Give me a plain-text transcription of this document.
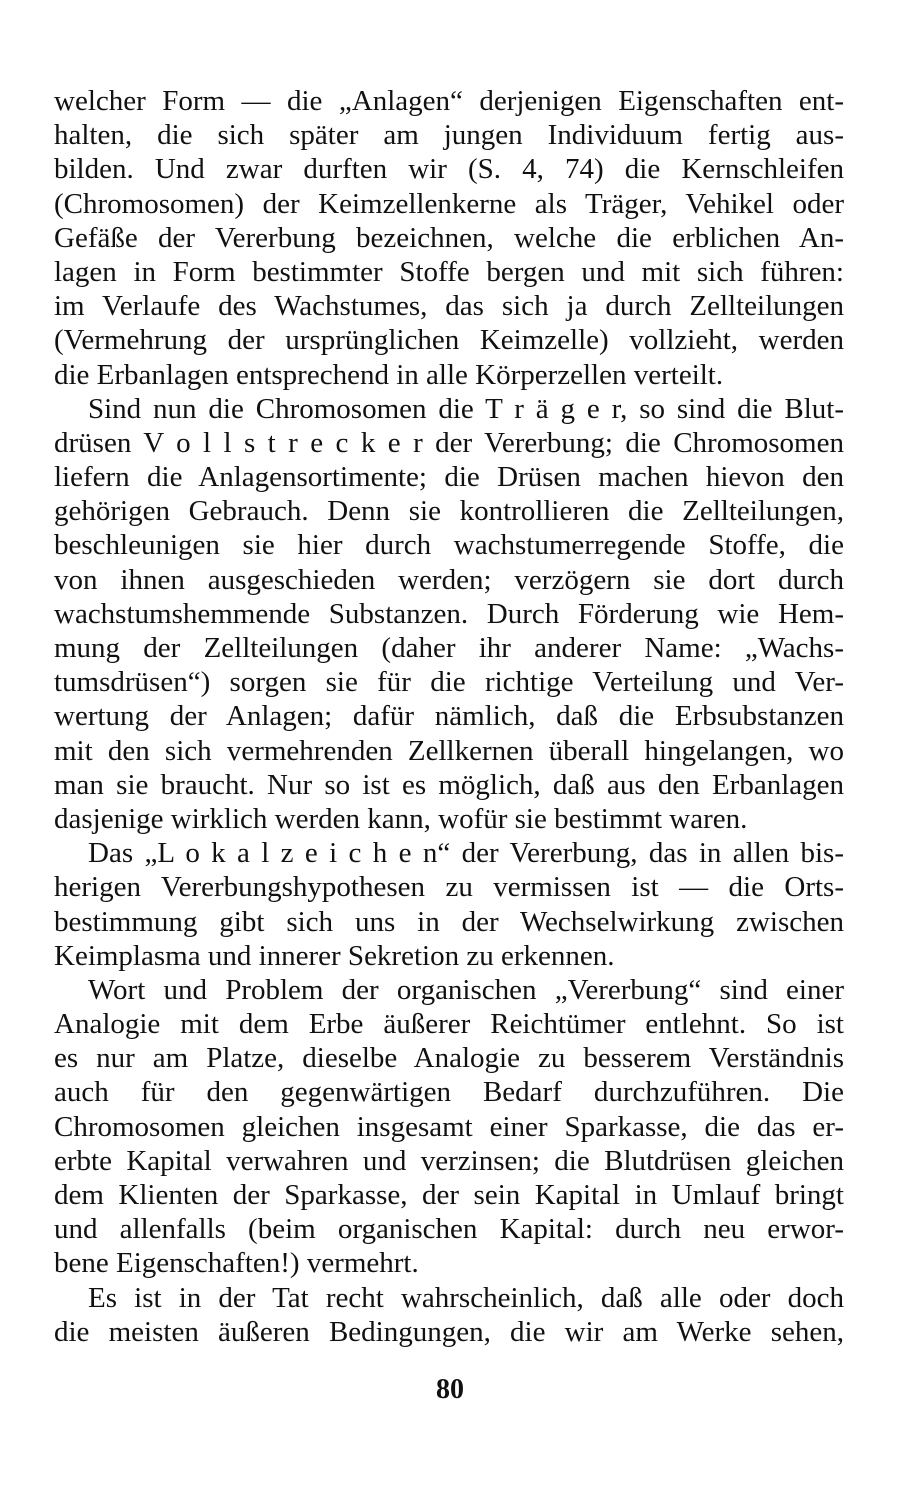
welcher Form — die „Anlagen“ derjenigen Eigenschaften ent-
halten, die sich später am jungen Individuum fertig aus-
bilden. Und zwar durften wir (S. 4, 74) die Kernschleifen
(Chromosomen) der Keimzellenkerne als Träger, Vehikel oder
Gefäße der Vererbung bezeichnen, welche die erblichen An-
lagen in Form bestimmter Stoffe bergen und mit sich führen:
im Verlaufe des Wachstumes, das sich ja durch Zellteilungen
(Vermehrung der ursprünglichen Keimzelle) vollzieht, werden
die Erbanlagen entsprechend in alle Körperzellen verteilt.
Sind nun die Chromosomen die T r ä g e r, so sind die Blut-
drüsen V o l l s t r e c k e r der Vererbung; die Chromosomen
liefern die Anlagensortimente; die Drüsen machen hievon den
gehörigen Gebrauch. Denn sie kontrollieren die Zellteilungen,
beschleunigen sie hier durch wachstumerregende Stoffe, die
von ihnen ausgeschieden werden; verzögern sie dort durch
wachstumshemmende Substanzen. Durch Förderung wie Hem-
mung der Zellteilungen (daher ihr anderer Name: „Wachs-
tumsdrüsen“) sorgen sie für die richtige Verteilung und Ver-
wertung der Anlagen; dafür nämlich, daß die Erbsubstanzen
mit den sich vermehrenden Zellkernen überall hingelangen, wo
man sie braucht. Nur so ist es möglich, daß aus den Erbanlagen
dasjenige wirklich werden kann, wofür sie bestimmt waren.
Das „L o k a l z e i c h e n“ der Vererbung, das in allen bis-
herigen Vererbungshypothesen zu vermissen ist — die Orts-
bestimmung gibt sich uns in der Wechselwirkung zwischen
Keimplasma und innerer Sekretion zu erkennen.
Wort und Problem der organischen „Vererbung“ sind einer
Analogie mit dem Erbe äußerer Reichtümer entlehnt. So ist
es nur am Platze, dieselbe Analogie zu besserem Verständnis
auch für den gegenwärtigen Bedarf durchzuführen. Die
Chromosomen gleichen insgesamt einer Sparkasse, die das er-
erbte Kapital verwahren und verzinsen; die Blutdrüsen gleichen
dem Klienten der Sparkasse, der sein Kapital in Umlauf bringt
und allenfalls (beim organischen Kapital: durch neu erwor-
bene Eigenschaften!) vermehrt.
Es ist in der Tat recht wahrscheinlich, daß alle oder doch
die meisten äußeren Bedingungen, die wir am Werke sehen,
80
